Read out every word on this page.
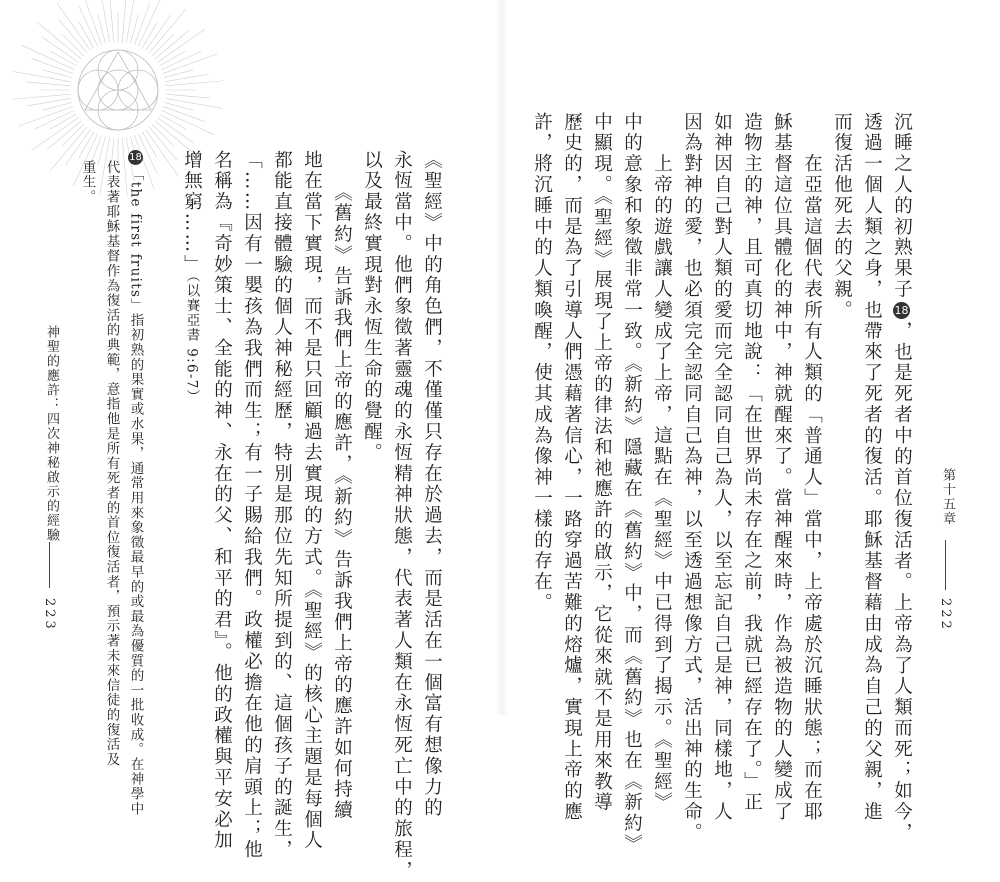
第十五章
222
沉睡之人的初熟果子18，也是死者中的首位復活者。上帝為了人類而死；如今，
透過一個人類之身，也帶來了死者的復活。耶穌基督藉由成為自己的父親，進
而復活他死去的父親。
　　在亞當這個代表所有人類的「普通人」當中，上帝處於沉睡狀態；而在耶
穌基督這位具體化的神中，神就醒來了。當神醒來時，作為被造物的人變成了
造物主的神，且可真切地說：「在世界尚未存在之前，我就已經存在了。」正
如神因自己對人類的愛而完全認同自己為人，以至忘記自己是神，同樣地，人
因為對神的愛，也必須完全認同自己為神，以至透過想像方式，活出神的生命。
　　上帝的遊戲讓人變成了上帝，這點在《聖經》中已得到了揭示。《聖經》
中的意象和象徵非常一致。《新約》隱藏在《舊約》中，而《舊約》也在《新約》
中顯現。《聖經》展現了上帝的律法和祂應許的啟示，它從來就不是用來教導
歷史的，而是為了引導人們憑藉著信心，一路穿過苦難的熔爐，實現上帝的應
許，將沉睡中的人類喚醒，使其成為像神一樣的存在。
《聖經》中的角色們，不僅僅只存在於過去，而是活在一個富有想像力的
永恆當中。他們象徵著靈魂的永恆精神狀態，代表著人類在永恆死亡中的旅程，
以及最終實現對永恆生命的覺醒。
　　《舊約》告訴我們上帝的應許，《新約》告訴我們上帝的應許如何持續
地在當下實現，而不是只回顧過去實現的方式。《聖經》的核心主題是每個人
都能直接體驗的個人神秘經歷，特別是那位先知所提到的、這個孩子的誕生，
「……因有一嬰孩為我們而生；有一子賜給我們。政權必擔在他的肩頭上；他
名稱為『奇妙策士、全能的神、永在的父、和平的君』。他的政權與平安必加
增無窮……」（以賽亞書 9:6-7）
18「the first fruits」指初熟的果實或水果，通常用來象徵最早的或最為優質的一批收成。在神學中
代表著耶穌基督作為復活的典範，意指他是所有死者的首位復活者，預示著未來信徒的復活及
重生。
神聖的應許：四次神秘啟示的經驗
223
